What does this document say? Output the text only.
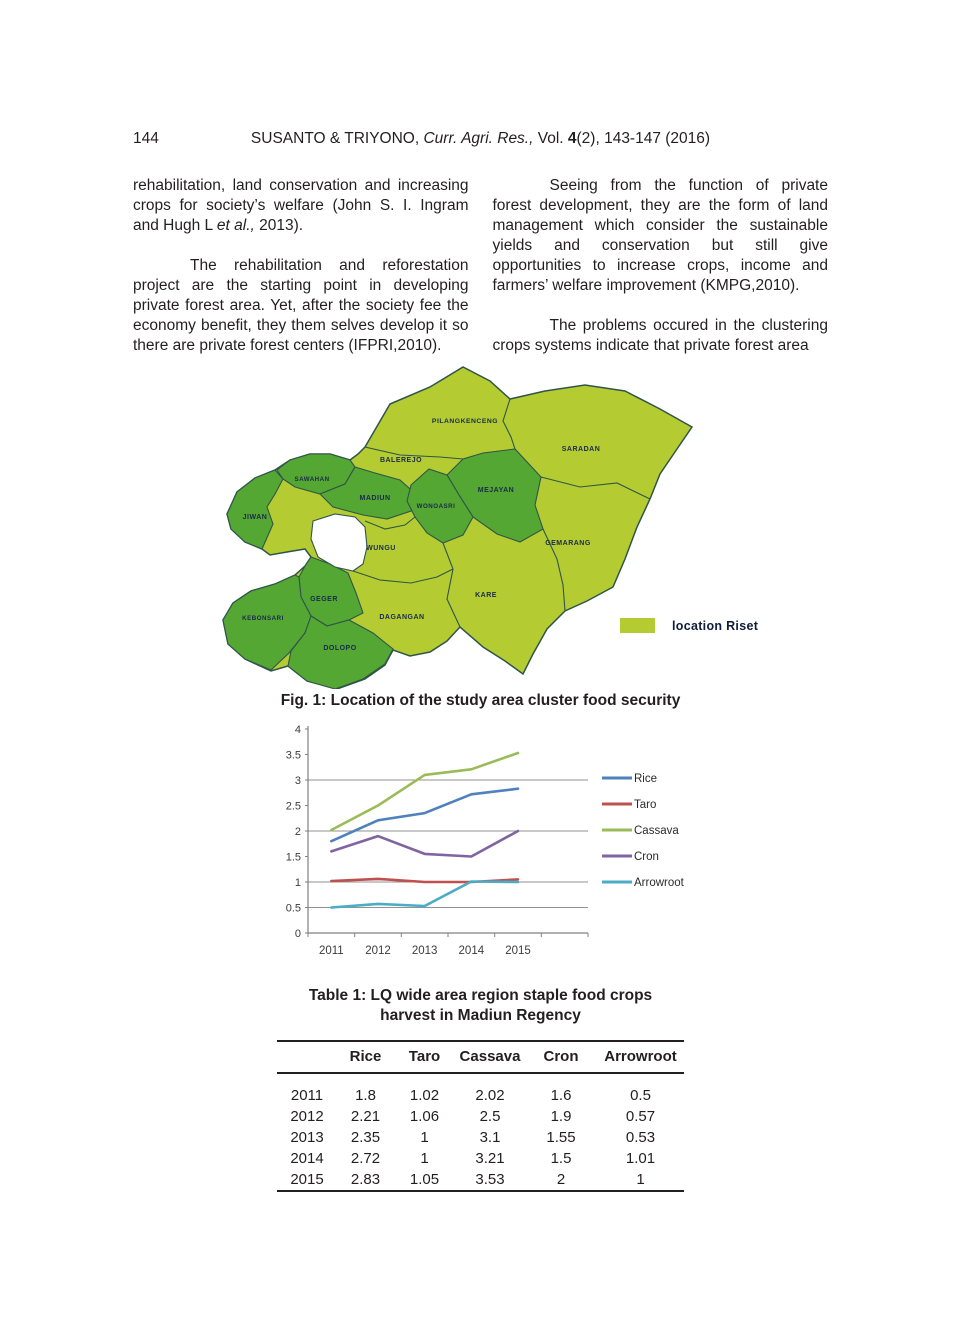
144	SUSANTO & TRIYONO, Curr. Agri. Res., Vol. 4(2), 143-147 (2016)

rehabilitation, land conservation and increasing crops for society’s welfare (John S. I. Ingram and Hugh L et al., 2013).

The rehabilitation and reforestation project are the starting point in developing private forest area. Yet, after the society fee the economy benefit, they them selves develop it so there are private forest centers (IFPRI,2010).

Seeing from the function of private forest development, they are the form of land management which consider the sustainable yields and conservation but still give opportunities to increase crops, income and farmers’ welfare improvement (KMPG,2010).

The problems occured in the clustering crops systems indicate that private forest area

PILANGKENCENG
SARADAN
BALEREJO
SAWAHAN
MEJAYAN
MADIUN
WONOASRI
JIWAN
WUNGU
GEMARANG
GEGER
KARE
KEBONSARI	DAGANGAN
DOLOPO
location Riset
Fig. 1: Location of the study area cluster food security
0
0.5
1
1.5
2
2.5
3
3.5
4
2011 2012 2013 2014 2015
Rice
Taro
Cassava
Cron
Arrowroot
Table 1: LQ wide area region staple food crops
harvest in Madiun Regency
	Rice	Taro	Cassava	Cron	Arrowroot
2011	1.8	1.02	2.02	1.6	0.5
2012	2.21	1.06	2.5	1.9	0.57
2013	2.35	1	3.1	1.55	0.53
2014	2.72	1	3.21	1.5	1.01
2015	2.83	1.05	3.53	2	1
